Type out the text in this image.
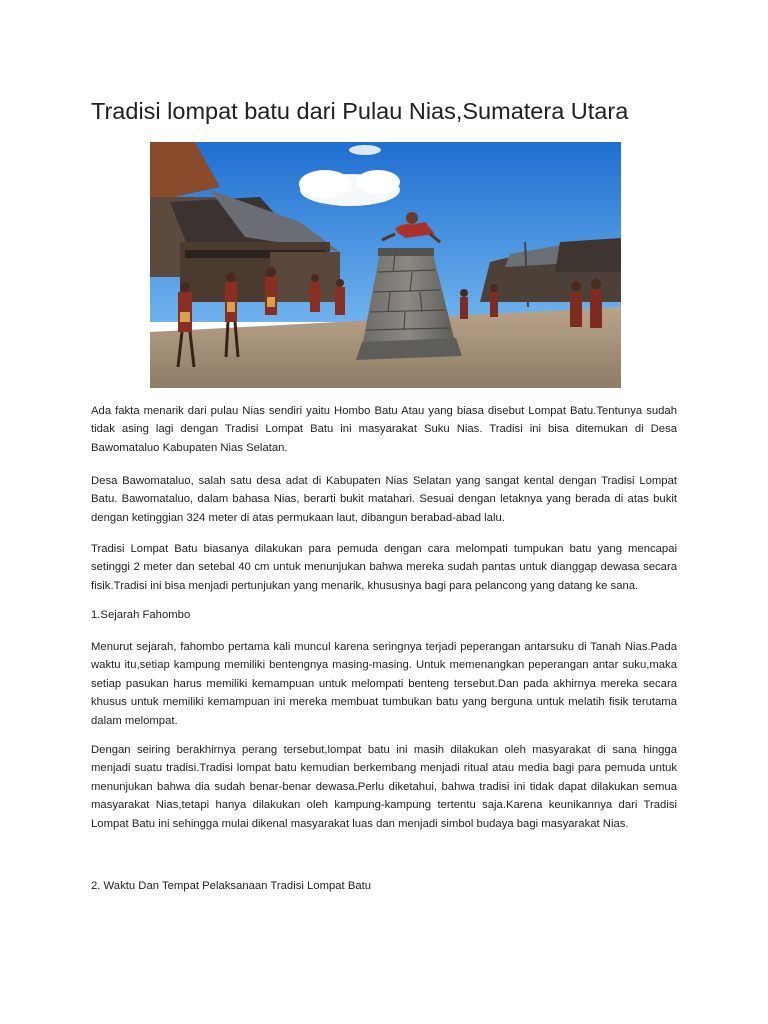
Tradisi lompat batu dari Pulau Nias,Sumatera Utara

Ada fakta menarik dari pulau Nias sendiri yaitu Hombo Batu Atau yang biasa disebut Lompat Batu.Tentunya sudah tidak asing lagi dengan Tradisi Lompat Batu ini masyarakat Suku Nias. Tradisi ini bisa ditemukan di Desa Bawomataluo Kabupaten Nias Selatan.

Desa Bawomataluo, salah satu desa adat di Kabupaten Nias Selatan yang sangat kental dengan Tradisi Lompat Batu. Bawomataluo, dalam bahasa Nias, berarti bukit matahari. Sesuai dengan letaknya yang berada di atas bukit dengan ketinggian 324 meter di atas permukaan laut, dibangun berabad-abad lalu.

Tradisi Lompat Batu biasanya dilakukan para pemuda dengan cara melompati tumpukan batu yang mencapai setinggi 2 meter dan setebal 40 cm untuk menunjukan bahwa mereka sudah pantas untuk dianggap dewasa secara fisik.Tradisi ini bisa menjadi pertunjukan yang menarik, khususnya bagi para pelancong yang datang ke sana.

1.Sejarah Fahombo

Menurut sejarah, fahombo pertama kali muncul karena seringnya terjadi peperangan antarsuku di Tanah Nias.Pada waktu itu,setiap kampung memiliki bentengnya masing-masing. Untuk memenangkan peperangan antar suku,maka setiap pasukan harus memiliki kemampuan untuk melompati benteng tersebut.Dan pada akhirnya mereka secara khusus untuk memiliki kemampuan ini mereka membuat tumbukan batu yang berguna untuk melatih fisik terutama dalam melompat.

Dengan seiring berakhirnya perang tersebut,lompat batu ini masih dilakukan oleh masyarakat di sana hingga menjadi suatu tradisi.Tradisi lompat batu kemudian berkembang menjadi ritual atau media bagi para pemuda untuk menunjukan bahwa dia sudah benar-benar dewasa.Perlu diketahui, bahwa tradisi ini tidak dapat dilakukan semua masyarakat Nias,tetapi hanya dilakukan oleh kampung-kampung tertentu saja.Karena keunikannya dari Tradisi Lompat Batu ini sehingga mulai dikenal masyarakat luas dan menjadi simbol budaya bagi masyarakat Nias.

2. Waktu Dan Tempat Pelaksanaan Tradisi Lompat Batu
